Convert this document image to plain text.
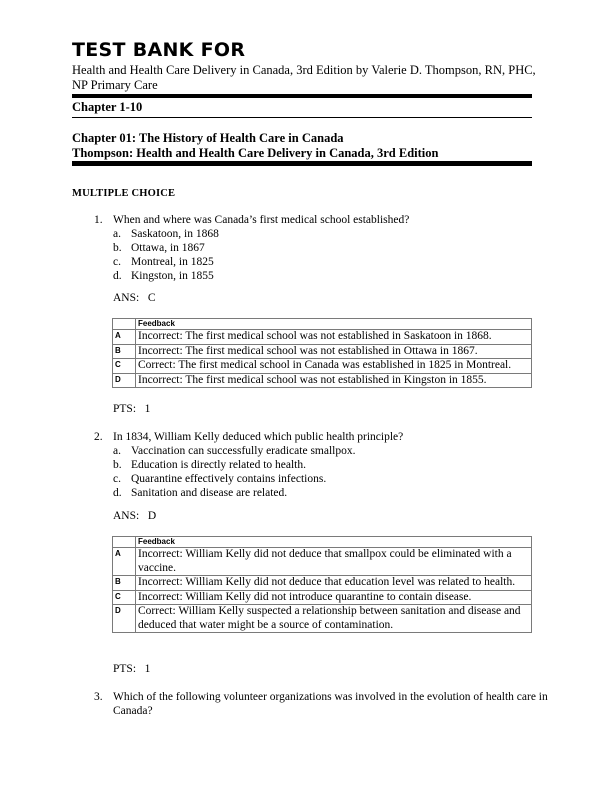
TEST BANK FOR
Health and Health Care Delivery in Canada, 3rd Edition by Valerie D. Thompson, RN, PHC, NP Primary Care
Chapter 1-10
Chapter 01: The History of Health Care in Canada
Thompson: Health and Health Care Delivery in Canada, 3rd Edition
MULTIPLE CHOICE
1. When and where was Canada’s first medical school established?
a. Saskatoon, in 1868
b. Ottawa, in 1867
c. Montreal, in 1825
d. Kingston, in 1855
ANS: C
PTS: 1
	Feedback
A	Incorrect: The first medical school was not established in Saskatoon in 1868.
B	Incorrect: The first medical school was not established in Ottawa in 1867.
C	Correct: The first medical school in Canada was established in 1825 in Montreal.
D	Incorrect: The first medical school was not established in Kingston in 1855.
2. In 1834, William Kelly deduced which public health principle?
a. Vaccination can successfully eradicate smallpox.
b. Education is directly related to health.
c. Quarantine effectively contains infections.
d. Sanitation and disease are related.
ANS: D
PTS: 1
	Feedback
A	Incorrect: William Kelly did not deduce that smallpox could be eliminated with a vaccine.
B	Incorrect: William Kelly did not deduce that education level was related to health.
C	Incorrect: William Kelly did not introduce quarantine to contain disease.
D	Correct: William Kelly suspected a relationship between sanitation and disease and deduced that water might be a source of contamination.
3. Which of the following volunteer organizations was involved in the evolution of health care in Canada?
